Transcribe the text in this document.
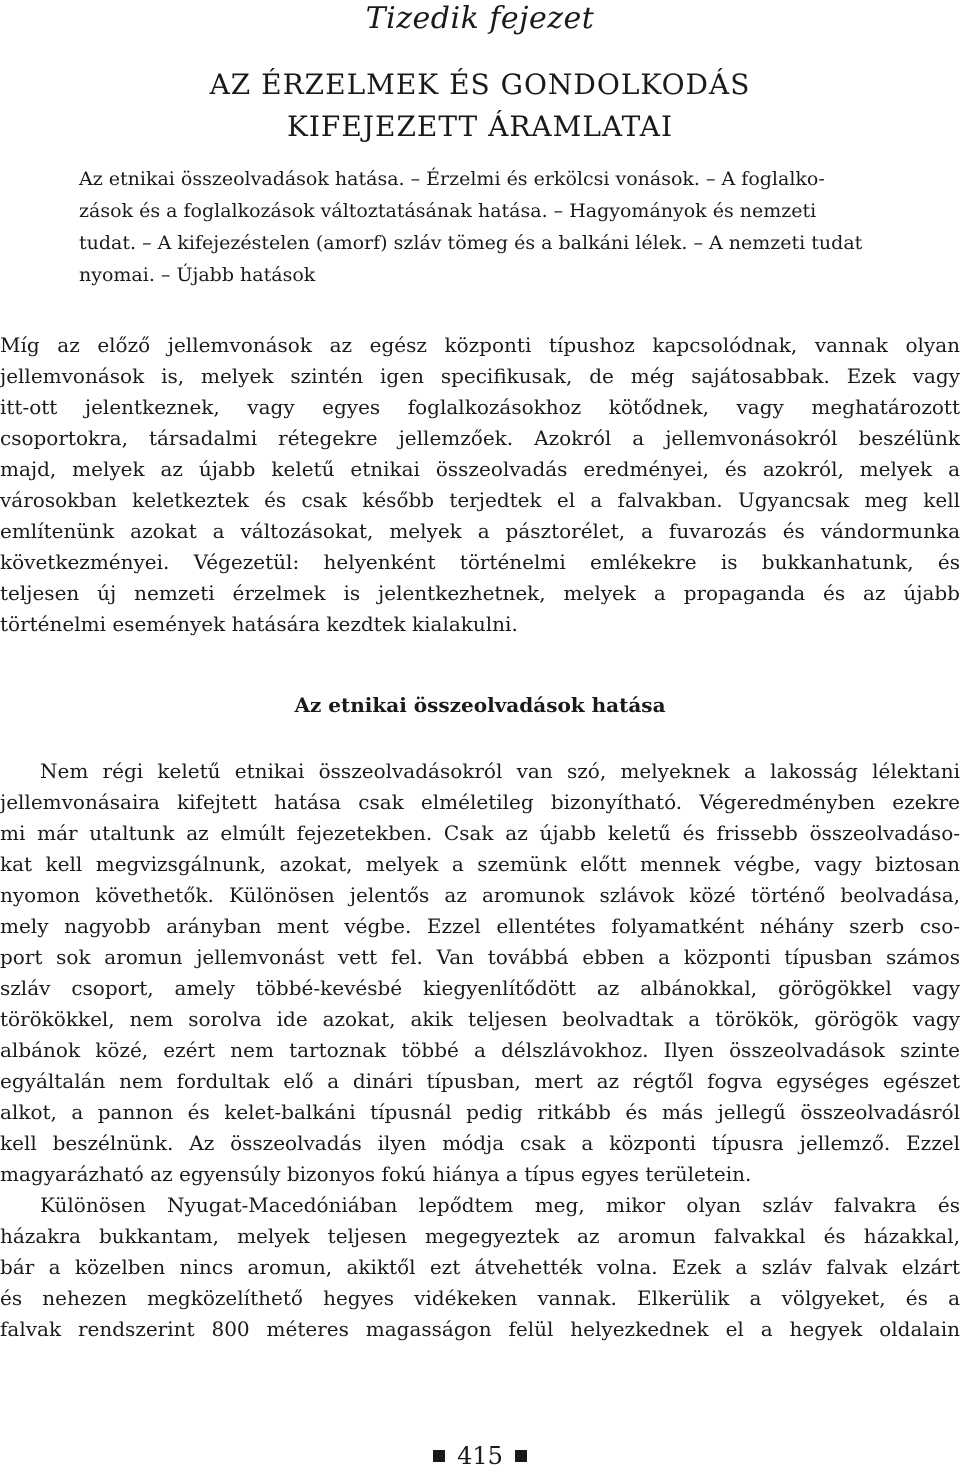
Tizedik fejezet
AZ ÉRZELMEK ÉS GONDOLKODÁS
KIFEJEZETT ÁRAMLATAI
Az etnikai összeolvadások hatása. – Érzelmi és erkölcsi vonások. – A foglalko-
zások és a foglalkozások változtatásának hatása. – Hagyományok és nemzeti
tudat. – A kifejezéstelen (amorf) szláv tömeg és a balkáni lélek. – A nemzeti tudat
nyomai. – Újabb hatások
Míg az előző jellemvonások az egész központi típushoz kapcsolódnak, vannak olyan
jellemvonások is, melyek szintén igen specifikusak, de még sajátosabbak. Ezek vagy
itt-ott jelentkeznek, vagy egyes foglalkozásokhoz kötődnek, vagy meghatározott
csoportokra, társadalmi rétegekre jellemzőek. Azokról a jellemvonásokról beszélünk
majd, melyek az újabb keletű etnikai összeolvadás eredményei, és azokról, melyek a
városokban keletkeztek és csak később terjedtek el a falvakban. Ugyancsak meg kell
említenünk azokat a változásokat, melyek a pásztorélet, a fuvarozás és vándormunka
következményei. Végezetül: helyenként történelmi emlékekre is bukkanhatunk, és
teljesen új nemzeti érzelmek is jelentkezhetnek, melyek a propaganda és az újabb
történelmi események hatására kezdtek kialakulni.
Az etnikai összeolvadások hatása
Nem régi keletű etnikai összeolvadásokról van szó, melyeknek a lakosság lélektani
jellemvonásaira kifejtett hatása csak elméletileg bizonyítható. Végeredményben ezekre
mi már utaltunk az elmúlt fejezetekben. Csak az újabb keletű és frissebb összeolvadáso-
kat kell megvizsgálnunk, azokat, melyek a szemünk előtt mennek végbe, vagy biztosan
nyomon követhetők. Különösen jelentős az aromunok szlávok közé történő beolvadása,
mely nagyobb arányban ment végbe. Ezzel ellentétes folyamatként néhány szerb cso-
port sok aromun jellemvonást vett fel. Van továbbá ebben a központi típusban számos
szláv csoport, amely többé-kevésbé kiegyenlítődött az albánokkal, görögökkel vagy
törökökkel, nem sorolva ide azokat, akik teljesen beolvadtak a törökök, görögök vagy
albánok közé, ezért nem tartoznak többé a délszlávokhoz. Ilyen összeolvadások szinte
egyáltalán nem fordultak elő a dinári típusban, mert az régtől fogva egységes egészet
alkot, a pannon és kelet-balkáni típusnál pedig ritkább és más jellegű összeolvadásról
kell beszélnünk. Az összeolvadás ilyen módja csak a központi típusra jellemző. Ezzel
magyarázható az egyensúly bizonyos fokú hiánya a típus egyes területein.
Különösen Nyugat-Macedóniában lepődtem meg, mikor olyan szláv falvakra és
házakra bukkantam, melyek teljesen megegyeztek az aromun falvakkal és házakkal,
bár a közelben nincs aromun, akiktől ezt átvehették volna. Ezek a szláv falvak elzárt
és nehezen megközelíthető hegyes vidékeken vannak. Elkerülik a völgyeket, és a
falvak rendszerint 800 méteres magasságon felül helyezkednek el a hegyek oldalain
415
